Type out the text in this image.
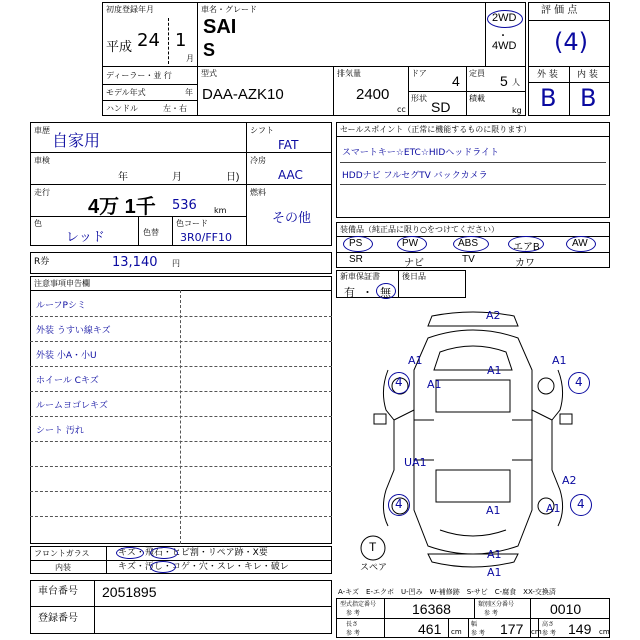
初度登録年月
平成 24 1
月
車名・グレード
SAI
S
2WD
・
4WD
ディーラー・並 行
モデル年式	年
ハンドル	左・右
型式
DAA-AZK10
排気量
2400
cc
ドア 4 定員 5 人
形状
SD
積載
kg
評 価 点
(4)
外 装 内 装
B B
車歴
自家用
車検
年	月	日)
走行
4万 1千 536 km
色
レッド	色替
色コード
3R0/FF10
シフト
FAT
冷房
AAC
燃料
その他
R券	13,140 円
セールスポイント（正常に機能するものに限ります）
スマートキー☆ETC☆HIDヘッドライト
HDDナビ フルセグTV バックカメラ
装備品（純正品に限り○をつけてください）
PS	PW	ABS	エアB	AW
SR	ナビ	TV	カワ
新車保証書	後日品
有 ・ 無
注意事項申告欄
ルーフPシミ
外装 うすい線キズ
外装 小A・小U
ホイール Cキズ
ルームヨゴレキズ
シート 汚れ
フロントガラス
内装
キズ・飛石・ヒビ割・リペア跡・X要
キズ・汚し・コゲ・穴・スレ・キレ・破レ
A2
A1	A1
4 A1
A1
4
UA1
A2
4	A1 4
A1
A1
A1
T
スペア
A-キズ　E-エクボ　U-凹み　W-補修跡　S-サビ　C-腐食　XX-交換済
車台番号 2051895
登録番号
型式指定番号
参 考	16368	類別区分番号
参 考	0010
長さ
参 考	461 cm
幅
参 考 177 cm
高さ
参 考 149 cm
